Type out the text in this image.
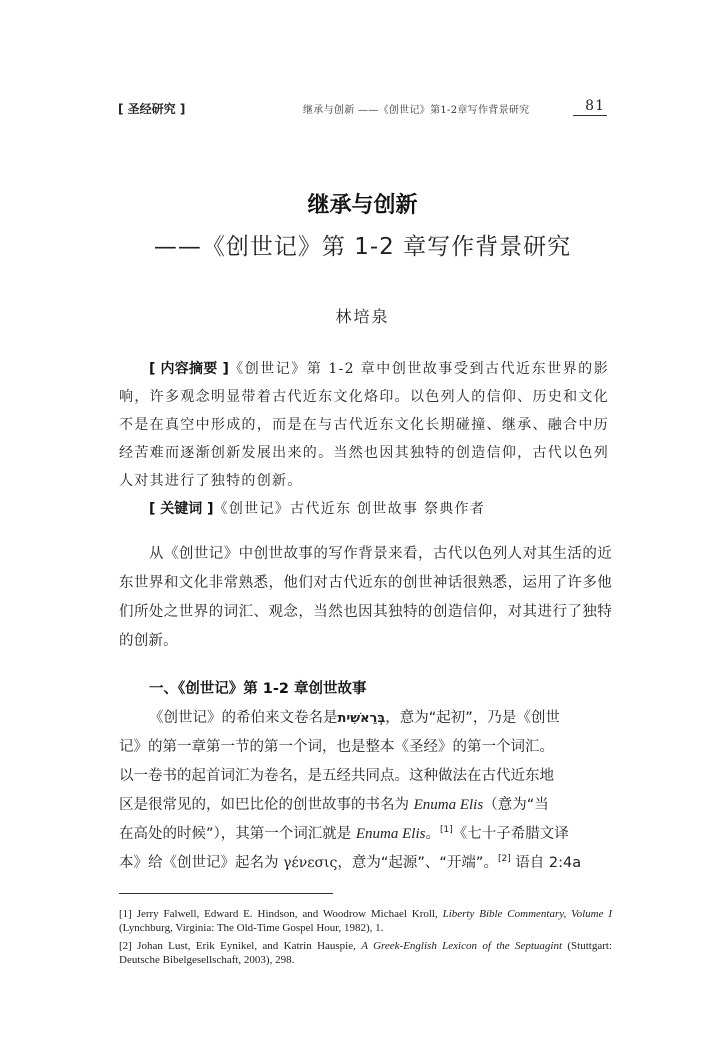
[ 圣经研究 ]	继承与创新 ——《创世记》第1-2章写作背景研究	81
继承与创新
——《创世记》第 1-2 章写作背景研究
林培泉

[ 内容摘要 ]《创世记》第 1-2 章中创世故事受到古代近东世界的影响，许多观念明显带着古代近东文化烙印。以色列人的信仰、历史和文化不是在真空中形成的，而是在与古代近东文化长期碰撞、继承、融合中历经苦难而逐渐创新发展出来的。当然也因其独特的创造信仰，古代以色列人对其进行了独特的创新。

[ 关键词 ]《创世记》古代近东 创世故事 祭典作者

从《创世记》中创世故事的写作背景来看，古代以色列人对其生活的近东世界和文化非常熟悉，他们对古代近东的创世神话很熟悉，运用了许多他们所处之世界的词汇、观念，当然也因其独特的创造信仰，对其进行了独特的创新。

一、《创世记》第 1-2 章创世故事
《创世记》的希伯来文卷名是בְּרֵאשִׁית，意为“起初”，乃是《创世
记》的第一章第一节的第一个词，也是整本《圣经》的第一个词汇。
以一卷书的起首词汇为卷名，是五经共同点。这种做法在古代近东地
区是很常见的，如巴比伦的创世故事的书名为 Enuma Elis（意为“当
在高处的时候”），其第一个词汇就是 Enuma Elis。[1]《七十子希腊文译
本》给《创世记》起名为 γένεσις，意为“起源”、“开端”。[2] 语自 2:4a

[1] Jerry Falwell, Edward E. Hindson, and Woodrow Michael Kroll, Liberty Bible Commentary, Volume I (Lynchburg, Virginia: The Old-Time Gospel Hour, 1982), 1.

[2] Johan Lust, Erik Eynikel, and Katrin Hauspie, A Greek-English Lexicon of the Septuagint (Stuttgart: Deutsche Bibelgesellschaft, 2003), 298.
